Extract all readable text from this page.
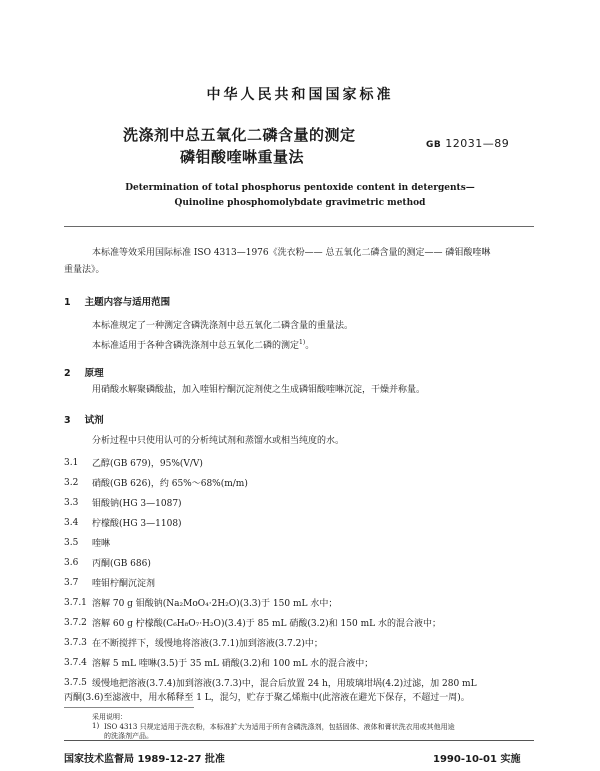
中华人民共和国国家标准
洗涤剂中总五氧化二磷含量的测定
磷钼酸喹啉重量法
GB 12031—89
Determination of total phosphorus pentoxide content in detergents—
Quinoline phosphomolybdate gravimetric method
本标准等效采用国际标准 ISO 4313—1976《洗衣粉—— 总五氧化二磷含量的测定—— 磷钼酸喹啉
重量法》。
1 主题内容与适用范围
本标准规定了一种测定含磷洗涤剂中总五氧化二磷含量的重量法。
本标准适用于各种含磷洗涤剂中总五氧化二磷的测定$^{1)}$。
2 原理
用硝酸水解聚磷酸盐，加入喹钼柠酮沉淀剂使之生成磷钼酸喹啉沉淀，干燥并称量。
3 试剂
分析过程中只使用认可的分析纯试剂和蒸馏水或相当纯度的水。
3.1 乙醇(GB 679)，95%(V/V)
3.2 硝酸(GB 626)，约 65%～68%(m/m)
3.3 钼酸钠(HG 3—1087)
3.4 柠檬酸(HG 3—1108)
3.5 喹啉
3.6 丙酮(GB 686)
3.7 喹钼柠酮沉淀剂
3.7.1 溶解 70 g 钼酸钠(Na₂MoO₄·2H₂O)(3.3)于 150 mL 水中；
3.7.2 溶解 60 g 柠檬酸(C₆H₈O₇·H₂O)(3.4)于 85 mL 硝酸(3.2)和 150 mL 水的混合液中；
3.7.3 在不断搅拌下，缓慢地将溶液(3.7.1)加到溶液(3.7.2)中；
3.7.4 溶解 5 mL 喹啉(3.5)于 35 mL 硝酸(3.2)和 100 mL 水的混合液中；
3.7.5 缓慢地把溶液(3.7.4)加到溶液(3.7.3)中，混合后放置 24 h，用玻璃坩埚(4.2)过滤，加 280 mL
丙酮(3.6)至滤液中，用水稀释至 1 L，混匀，贮存于聚乙烯瓶中(此溶液在避光下保存，不超过一周)。
采用说明：
1) ISO 4313 只规定适用于洗衣粉，本标准扩大为适用于所有含磷洗涤剂，包括固体、液体和膏状洗衣用或其他用途
的洗涤剂产品。
国家技术监督局 1989-12-27 批准	1990-10-01 实施
